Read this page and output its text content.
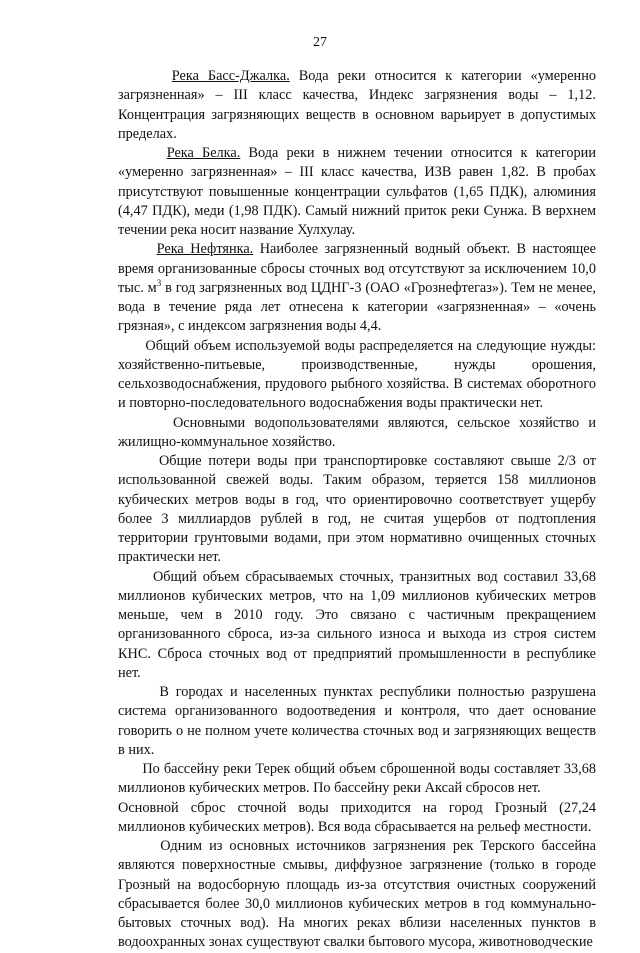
27

Река Басс-Джалка. Вода реки относится к категории «умеренно загрязненная» – III класс качества, Индекс загрязнения воды – 1,12. Концентрация загрязняющих веществ в основном варьирует в допустимых пределах.

Река Белка. Вода реки в нижнем течении относится к категории «умеренно загрязненная» – III класс качества, ИЗВ равен 1,82. В пробах присутствуют повышенные концентрации сульфатов (1,65 ПДК), алюминия (4,47 ПДК), меди (1,98 ПДК). Самый нижний приток реки Сунжа. В верхнем течении река носит название Хулхулау.

Река Нефтянка. Наиболее загрязненный водный объект. В настоящее время организованные сбросы сточных вод отсутствуют за исключением 10,0 тыс. $м^3$ в год загрязненных вод ЦДНГ-3 (ОАО «Грознефтегаз»). Тем не менее, вода в течение ряда лет отнесена к категории «загрязненная» – «очень грязная», с индексом загрязнения воды 4,4.

Общий объем используемой воды распределяется на следующие нужды: хозяйственно-питьевые, производственные, нужды орошения, сельхозводоснабжения, прудового рыбного хозяйства. В системах оборотного и повторно-последовательного водоснабжения воды практически нет.

Основными водопользователями являются, сельское хозяйство и жилищно-коммунальное хозяйство.

Общие потери воды при транспортировке составляют свыше 2/3 от использованной свежей воды. Таким образом, теряется 158 миллионов кубических метров воды в год, что ориентировочно соответствует ущербу более 3 миллиардов рублей в год, не считая ущербов от подтопления территории грунтовыми водами, при этом нормативно очищенных сточных практически нет.

Общий объем сбрасываемых сточных, транзитных вод составил 33,68 миллионов кубических метров, что на 1,09 миллионов кубических метров меньше, чем в 2010 году. Это связано с частичным прекращением организованного сброса, из-за сильного износа и выхода из строя систем КНС. Сброса сточных вод от предприятий промышленности в республике нет.

В городах и населенных пунктах республики полностью разрушена система организованного водоотведения и контроля, что дает основание говорить о не полном учете количества сточных вод и загрязняющих веществ в них.

По бассейну реки Терек общий объем сброшенной воды составляет 33,68 миллионов кубических метров. По бассейну реки Аксай сбросов нет.

Основной сброс сточной воды приходится на город Грозный (27,24 миллионов кубических метров). Вся вода сбрасывается на рельеф местности.

Одним из основных источников загрязнения рек Терского бассейна являются поверхностные смывы, диффузное загрязнение (только в городе Грозный на водосборную площадь из-за отсутствия очистных сооружений сбрасывается более 30,0 миллионов кубических метров в год коммунально-бытовых сточных вод). На многих реках вблизи населенных пунктов в водоохранных зонах существуют свалки бытового мусора, животноводческие
